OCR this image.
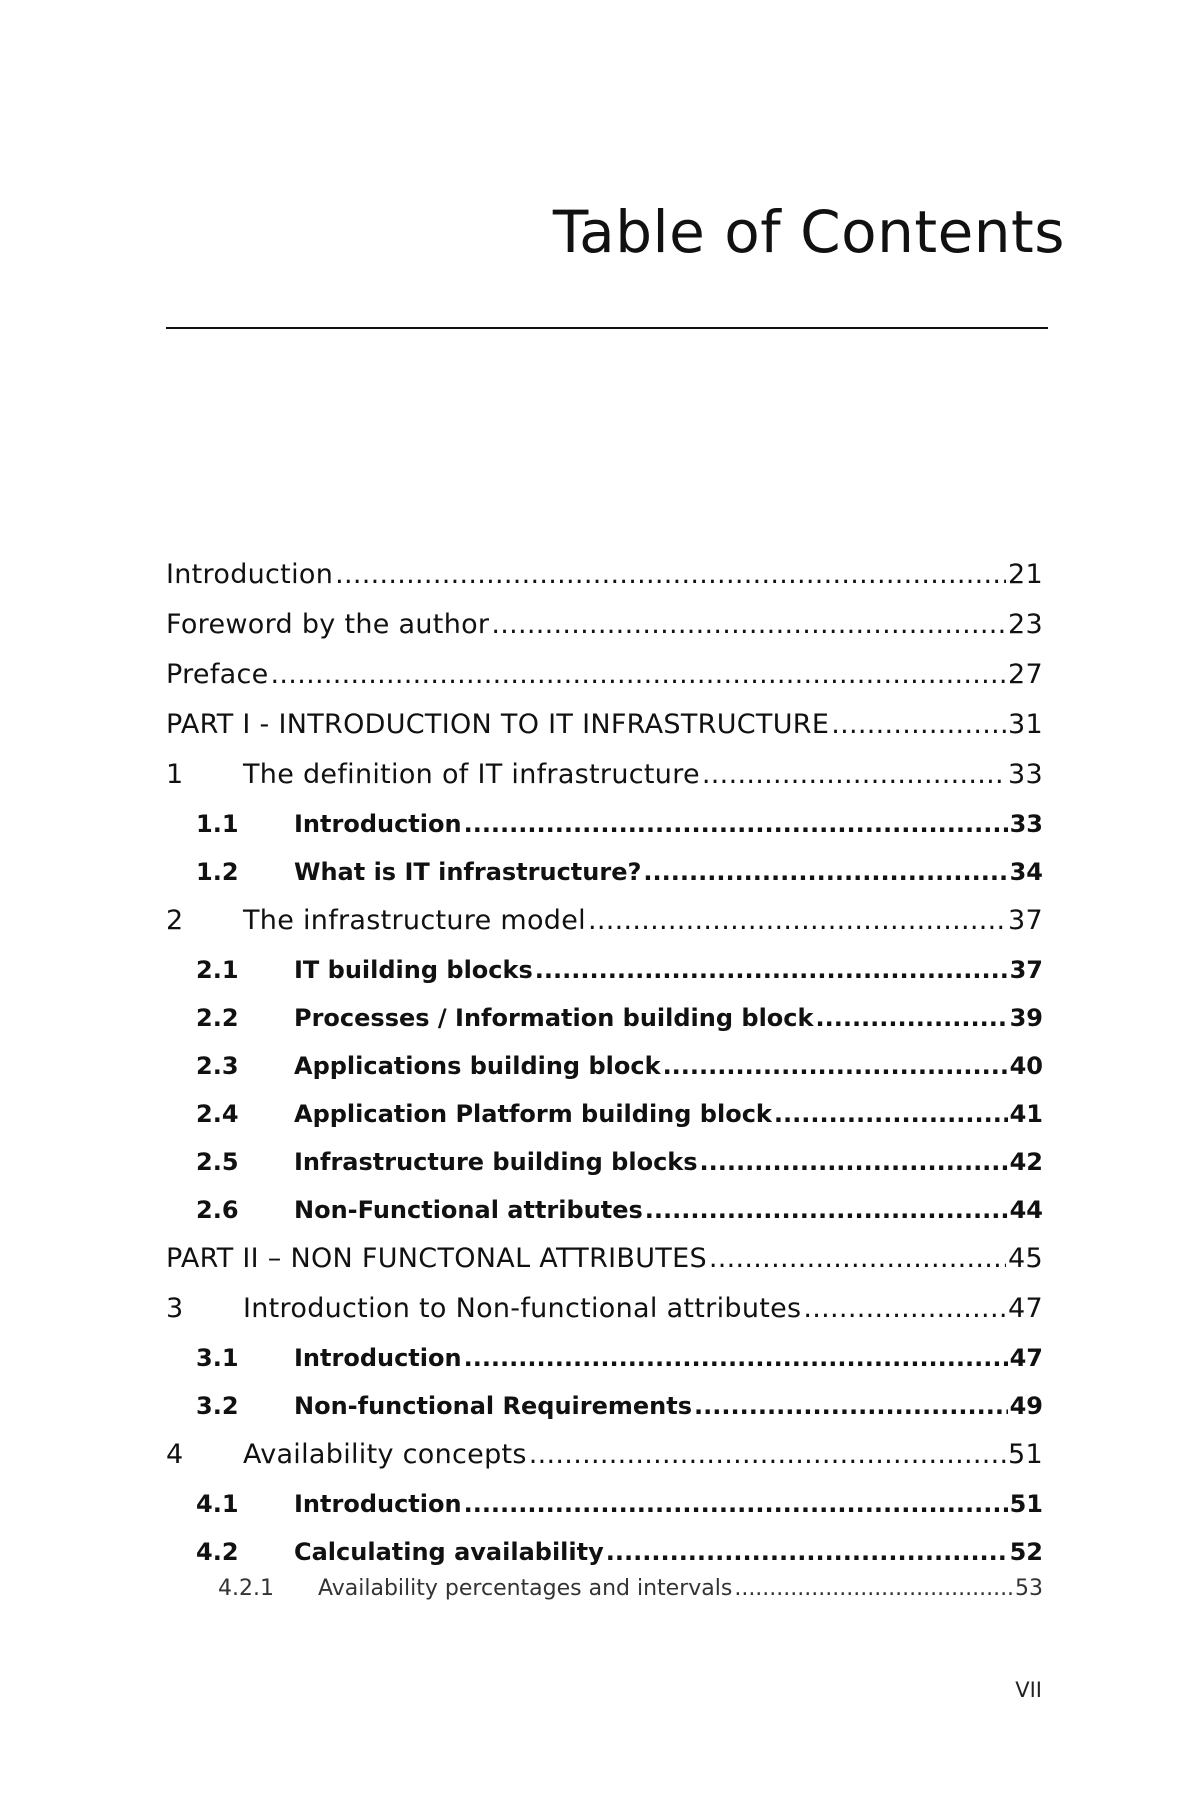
Table of Contents
Introduction .....	21
Foreword by the author .....	23
Preface .....	27
PART I - INTRODUCTION TO IT INFRASTRUCTURE .....	31
1	The definition of IT infrastructure .....	33
1.1	Introduction .....	33
1.2	What is IT infrastructure? .....	34
2	The infrastructure model .....	37
2.1	IT building blocks .....	37
2.2	Processes / Information building block .....	39
2.3	Applications building block .....	40
2.4	Application Platform building block .....	41
2.5	Infrastructure building blocks .....	42
2.6	Non-Functional attributes .....	44
PART II – NON FUNCTONAL ATTRIBUTES .....	45
3	Introduction to Non-functional attributes .....	47
3.1	Introduction .....	47
3.2	Non-functional Requirements .....	49
4	Availability concepts .....	51
4.1	Introduction .....	51
4.2	Calculating availability .....	52
4.2.1	Availability percentages and intervals .....	53
VII
